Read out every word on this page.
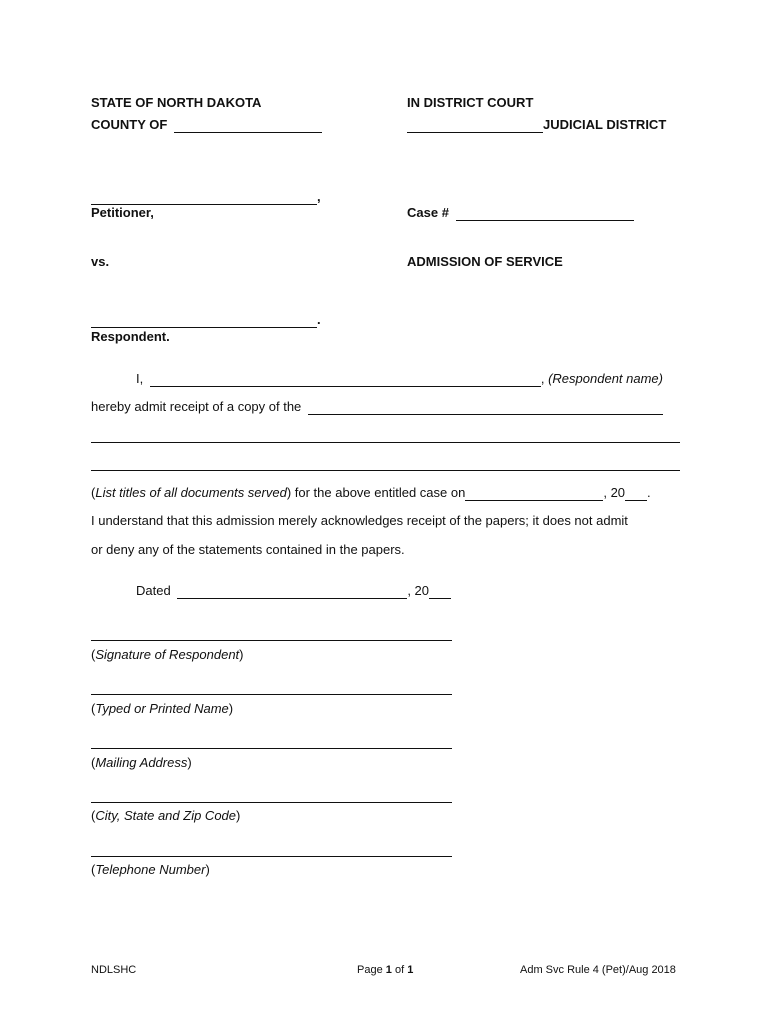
STATE OF NORTH DAKOTA
COUNTY OF
IN DISTRICT COURT
JUDICIAL DISTRICT
,
Petitioner,	Case #
vs.	ADMISSION OF SERVICE
.
Respondent.
I,	, (Respondent name)
hereby admit receipt of a copy of the
(List titles of all documents served) for the above entitled case on	, 20 .
I understand that this admission merely acknowledges receipt of the papers; it does not admit
or deny any of the statements contained in the papers.
Dated	, 20
(Signature of Respondent)
(Typed or Printed Name)
(Mailing Address)
(City, State and Zip Code)
(Telephone Number)
NDLSHC	Page 1 of 1	Adm Svc Rule 4 (Pet)/Aug 2018
